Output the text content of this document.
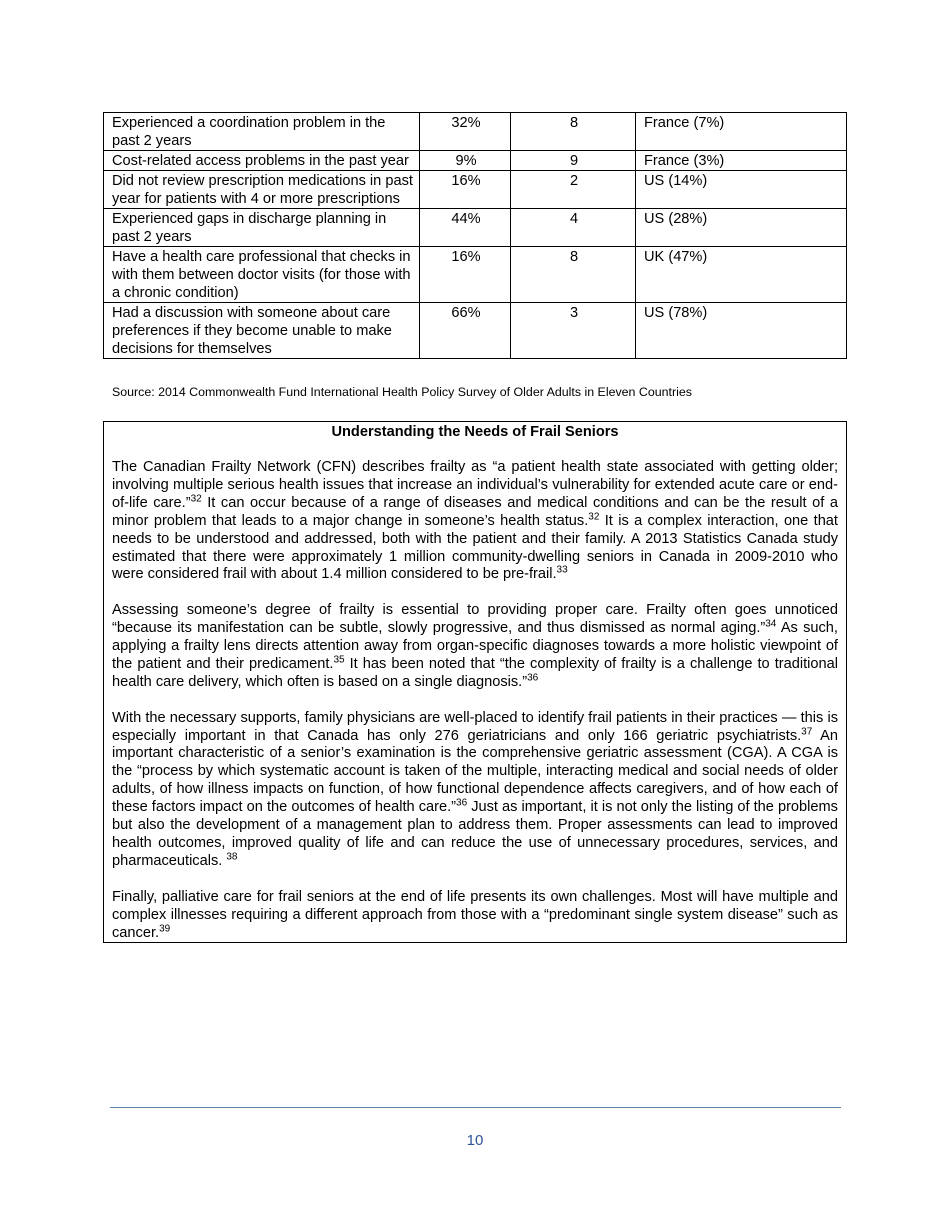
Experienced a coordination problem in the past 2 years	32%	8	France (7%)
Cost-related access problems in the past year	9%	9	France (3%)
Did not review prescription medications in past year for patients with 4 or more prescriptions	16%	2	US (14%)
Experienced gaps in discharge planning in past 2 years	44%	4	US (28%)
Have a health care professional that checks in with them between doctor visits (for those with a chronic condition)	16%	8	UK (47%)
Had a discussion with someone about care preferences if they become unable to make decisions for themselves	66%	3	US (78%)
Source: 2014 Commonwealth Fund International Health Policy Survey of Older Adults in Eleven Countries
Understanding the Needs of Frail Seniors

The Canadian Frailty Network (CFN) describes frailty as “a patient health state associated with getting older; involving multiple serious health issues that increase an individual’s vulnerability for extended acute care or end-of-life care.”$^{32}$ It can occur because of a range of diseases and medical conditions and can be the result of a minor problem that leads to a major change in someone’s health status.$^{32}$ It is a complex interaction, one that needs to be understood and addressed, both with the patient and their family. A 2013 Statistics Canada study estimated that there were approximately 1 million community-dwelling seniors in Canada in 2009-2010 who were considered frail with about 1.4 million considered to be pre-frail.$^{33}$

Assessing someone’s degree of frailty is essential to providing proper care. Frailty often goes unnoticed “because its manifestation can be subtle, slowly progressive, and thus dismissed as normal aging.”$^{34}$ As such, applying a frailty lens directs attention away from organ-specific diagnoses towards a more holistic viewpoint of the patient and their predicament.$^{35}$ It has been noted that “the complexity of frailty is a challenge to traditional health care delivery, which often is based on a single diagnosis.”$^{36}$

With the necessary supports, family physicians are well-placed to identify frail patients in their practices — this is especially important in that Canada has only 276 geriatricians and only 166 geriatric psychiatrists.$^{37}$ An important characteristic of a senior’s examination is the comprehensive geriatric assessment (CGA). A CGA is the “process by which systematic account is taken of the multiple, interacting medical and social needs of older adults, of how illness impacts on function, of how functional dependence affects caregivers, and of how each of these factors impact on the outcomes of health care.”$^{36}$ Just as important, it is not only the listing of the problems but also the development of a management plan to address them. Proper assessments can lead to improved health outcomes, improved quality of life and can reduce the use of unnecessary procedures, services, and pharmaceuticals. $^{38}$

Finally, palliative care for frail seniors at the end of life presents its own challenges. Most will have multiple and complex illnesses requiring a different approach from those with a “predominant single system disease” such as cancer.$^{39}$

10
